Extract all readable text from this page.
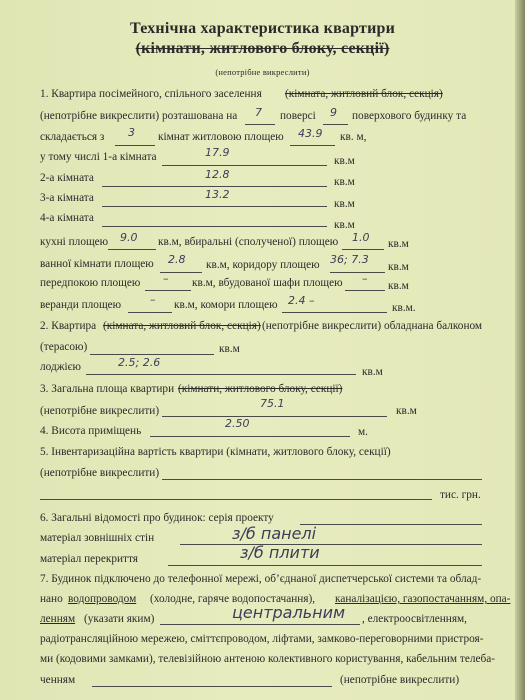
Технічна характеристика квартири
(кімнати, житлового блоку, секції)
(непотрібне викреслити)
1. Квартира посімейного, спільного заселення (кімната, житловий блок, секція)
(непотрібне викреслити) розташована на 7 поверсі 9 поверхового будинку та
складається з 3 кімнат житловою площею 43.9 кв. м,
у тому числі 1-а кімната	17.9
кв.м
2-а кімната	12.8
кв.м
3-а кімната	13.2
кв.м
4-а кімната
кв.м
кухні площею 9.0 кв.м, вбиральні (сполученої) площею 1.0 кв.м
ванної кімнати площею 2.8 кв.м, коридору площею 36; 7.3
кв.м
передпокою площею – кв.м, вбудованої шафи площею –
кв.м
веранди площею	– кв.м, комори площею 2.4 –
кв.м.
2. Квартира (кімната, житловий блок, секція) (непотрібне викреслити) обладнана балконом
(терасою)	кв.м
лоджією	2.5; 2.6
кв.м
3. Загальна площа квартири (кімнати, житлового блоку, секції)
(непотрібне викреслити)
75.1
кв.м
4. Висота приміщень
2.50
м.
5. Інвентаризаційна вартість квартири (кімнати, житлового блоку, секції)
(непотрібне викреслити)
тис. грн.
6. Загальні відомості про будинок: серія проекту
матеріал зовнішніх стін	з/б панелі
матеріал перекриття	з/б плити
7. Будинок підключено до телефонної мережі, об’єднаної диспетчерської системи та облад-
нано водопроводом (холодне, гаряче водопостачання), каналізацією, газопостачанням, опа-
ленням (указати яким)	центральним , електроосвітленням,
радіотрансляційною мережею, сміттєпроводом, ліфтами, замково-переговорними пристроя-
ми (кодовими замками), телевізійною антеною колективного користування, кабельним телеба-
ченням	(непотрібне викреслити)
